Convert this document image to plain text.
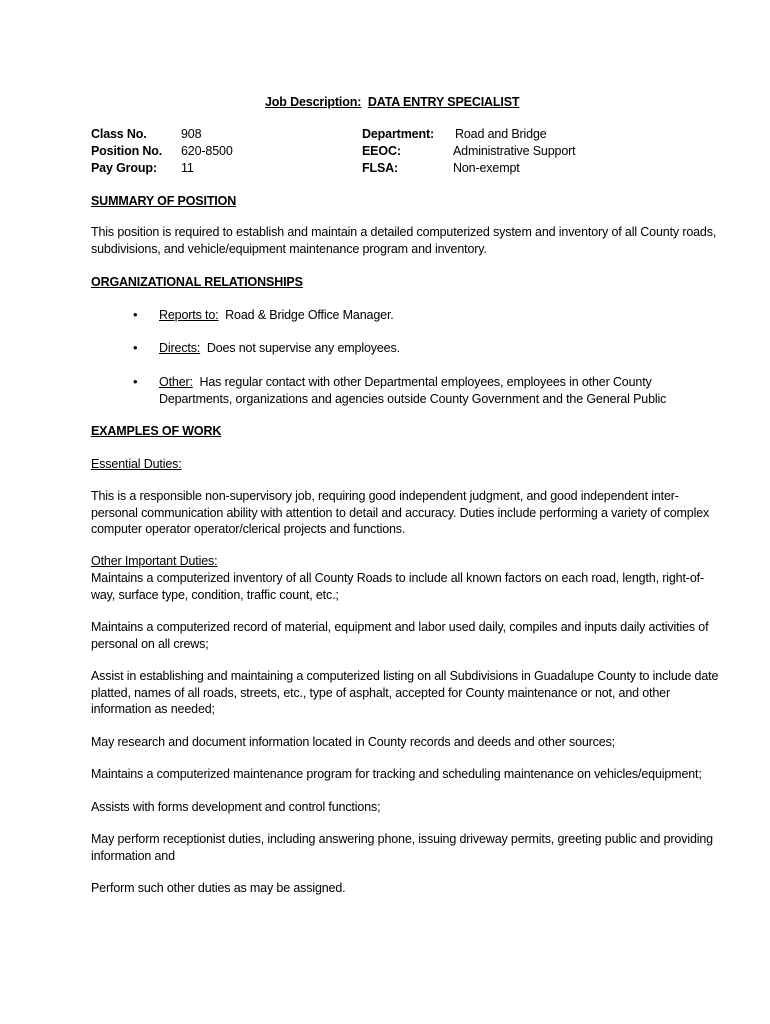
Job Description: DATA ENTRY SPECIALIST
Class No.	908
Position No. 620-8500
Pay Group: 11
Department: Road and Bridge
EEOC:	Administrative Support
FLSA:	Non-exempt
SUMMARY OF POSITION
This position is required to establish and maintain a detailed computerized system and inventory of all County roads,
subdivisions, and vehicle/equipment maintenance program and inventory.
ORGANIZATIONAL RELATIONSHIPS
• Reports to: Road & Bridge Office Manager.
• Directs: Does not supervise any employees.
• Other: Has regular contact with other Departmental employees, employees in other County
Departments, organizations and agencies outside County Government and the General Public
EXAMPLES OF WORK
Essential Duties:
This is a responsible non-supervisory job, requiring good independent judgment, and good independent inter-
personal communication ability with attention to detail and accuracy. Duties include performing a variety of complex
computer operator operator/clerical projects and functions.
Other Important Duties:
Maintains a computerized inventory of all County Roads to include all known factors on each road, length, right-of-
way, surface type, condition, traffic count, etc.;
Maintains a computerized record of material, equipment and labor used daily, compiles and inputs daily activities of
personal on all crews;
Assist in establishing and maintaining a computerized listing on all Subdivisions in Guadalupe County to include date
platted, names of all roads, streets, etc., type of asphalt, accepted for County maintenance or not, and other
information as needed;
May research and document information located in County records and deeds and other sources;
Maintains a computerized maintenance program for tracking and scheduling maintenance on vehicles/equipment;
Assists with forms development and control functions;
May perform receptionist duties, including answering phone, issuing driveway permits, greeting public and providing
information and
Perform such other duties as may be assigned.
